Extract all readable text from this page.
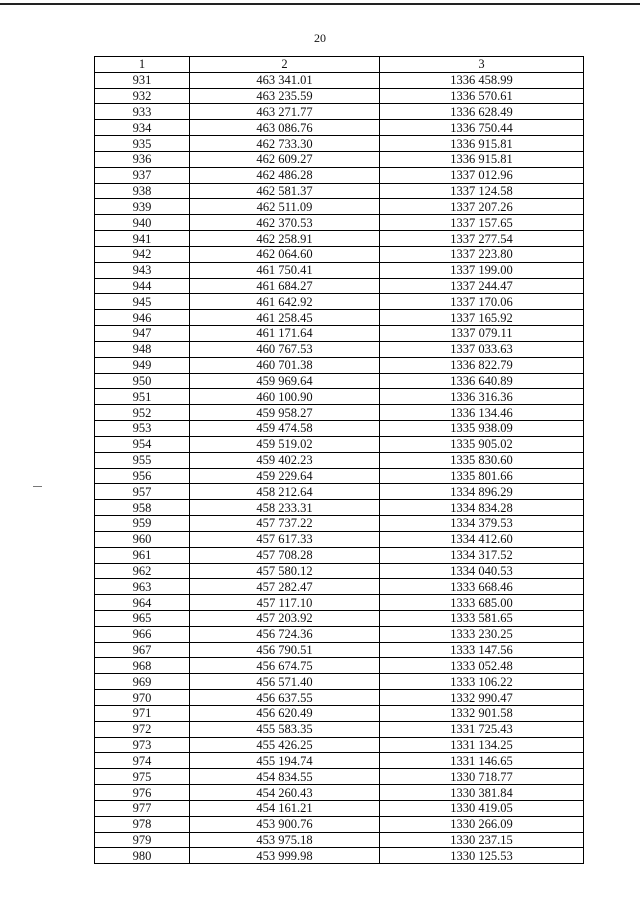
20
1	2	3
931	463 341.01	1336 458.99
932	463 235.59	1336 570.61
933	463 271.77	1336 628.49
934	463 086.76	1336 750.44
935	462 733.30	1336 915.81
936	462 609.27	1336 915.81
937	462 486.28	1337 012.96
938	462 581.37	1337 124.58
939	462 511.09	1337 207.26
940	462 370.53	1337 157.65
941	462 258.91	1337 277.54
942	462 064.60	1337 223.80
943	461 750.41	1337 199.00
944	461 684.27	1337 244.47
945	461 642.92	1337 170.06
946	461 258.45	1337 165.92
947	461 171.64	1337 079.11
948	460 767.53	1337 033.63
949	460 701.38	1336 822.79
950	459 969.64	1336 640.89
951	460 100.90	1336 316.36
952	459 958.27	1336 134.46
953	459 474.58	1335 938.09
954	459 519.02	1335 905.02
955	459 402.23	1335 830.60
956	459 229.64	1335 801.66
957	458 212.64	1334 896.29
958	458 233.31	1334 834.28
959	457 737.22	1334 379.53
960	457 617.33	1334 412.60
961	457 708.28	1334 317.52
962	457 580.12	1334 040.53
963	457 282.47	1333 668.46
964	457 117.10	1333 685.00
965	457 203.92	1333 581.65
966	456 724.36	1333 230.25
967	456 790.51	1333 147.56
968	456 674.75	1333 052.48
969	456 571.40	1333 106.22
970	456 637.55	1332 990.47
971	456 620.49	1332 901.58
972	455 583.35	1331 725.43
973	455 426.25	1331 134.25
974	455 194.74	1331 146.65
975	454 834.55	1330 718.77
976	454 260.43	1330 381.84
977	454 161.21	1330 419.05
978	453 900.76	1330 266.09
979	453 975.18	1330 237.15
980	453 999.98	1330 125.53
